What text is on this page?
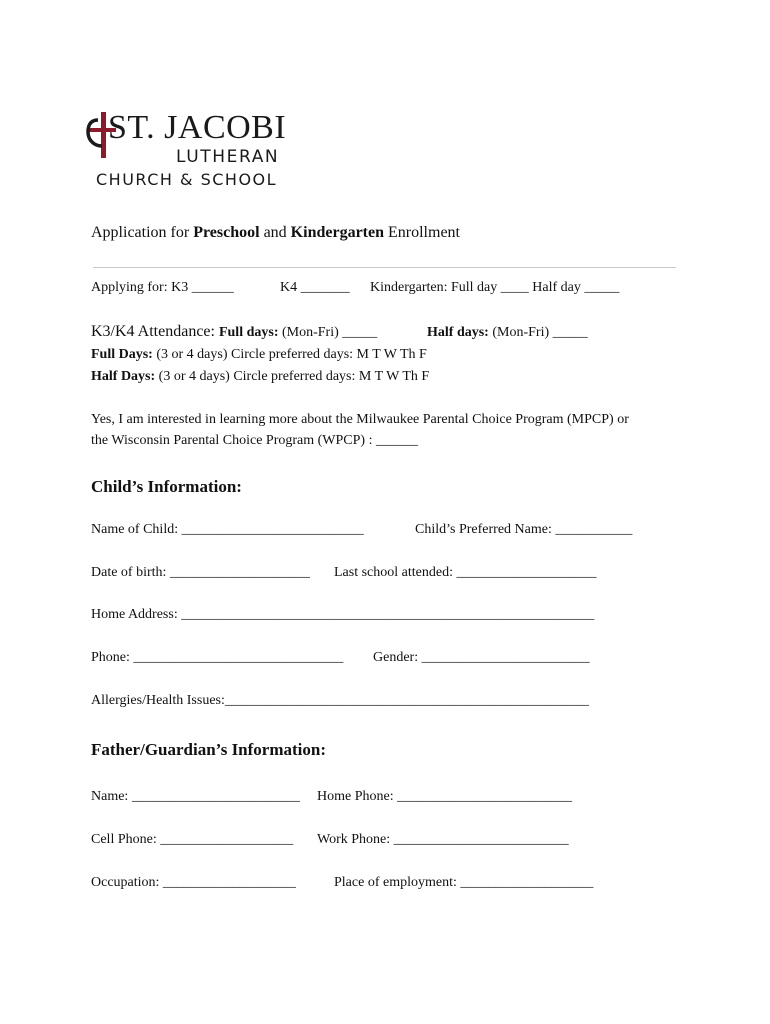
ST. JACOBI
LUTHERAN
CHURCH & SCHOOL
Application for Preschool and Kindergarten Enrollment
Applying for: K3 ______	K4 _______ Kindergarten: Full day ____ Half day _____
K3/K4 Attendance: Full days: (Mon-Fri) _____	Half days: (Mon-Fri) _____
Full Days: (3 or 4 days) Circle preferred days: M T W Th F
Half Days: (3 or 4 days) Circle preferred days: M T W Th F
Yes, I am interested in learning more about the Milwaukee Parental Choice Program (MPCP) or
the Wisconsin Parental Choice Program (WPCP) : ______
Child’s Information:
Name of Child: __________________________	Child’s Preferred Name: ___________
Date of birth: ____________________ Last school attended: ____________________
Home Address: ___________________________________________________________
Phone: ______________________________ Gender: ________________________
Allergies/Health Issues:____________________________________________________
Father/Guardian’s Information:
Name: ________________________ Home Phone: _________________________
Cell Phone: ___________________ Work Phone: _________________________
Occupation: ___________________	Place of employment: ___________________
